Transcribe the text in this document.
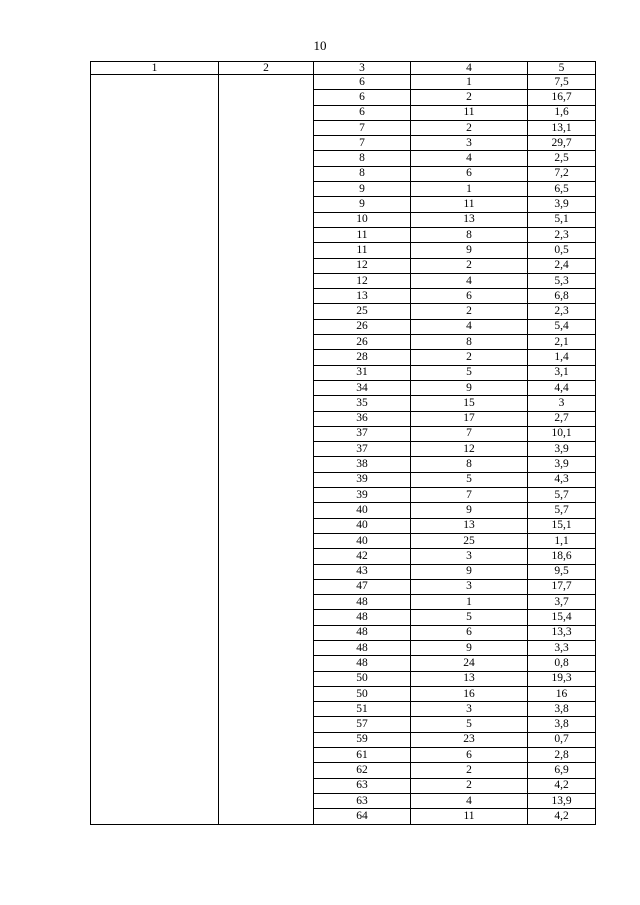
10
1	2	3	4	5
		6	1	7,5
		6	2	16,7
		6	11	1,6
		7	2	13,1
		7	3	29,7
		8	4	2,5
		8	6	7,2
		9	1	6,5
		9	11	3,9
		10	13	5,1
		11	8	2,3
		11	9	0,5
		12	2	2,4
		12	4	5,3
		13	6	6,8
		25	2	2,3
		26	4	5,4
		26	8	2,1
		28	2	1,4
		31	5	3,1
		34	9	4,4
		35	15	3
		36	17	2,7
		37	7	10,1
		37	12	3,9
		38	8	3,9
		39	5	4,3
		39	7	5,7
		40	9	5,7
		40	13	15,1
		40	25	1,1
		42	3	18,6
		43	9	9,5
		47	3	17,7
		48	1	3,7
		48	5	15,4
		48	6	13,3
		48	9	3,3
		48	24	0,8
		50	13	19,3
		50	16	16
		51	3	3,8
		57	5	3,8
		59	23	0,7
		61	6	2,8
		62	2	6,9
		63	2	4,2
		63	4	13,9
		64	11	4,2
